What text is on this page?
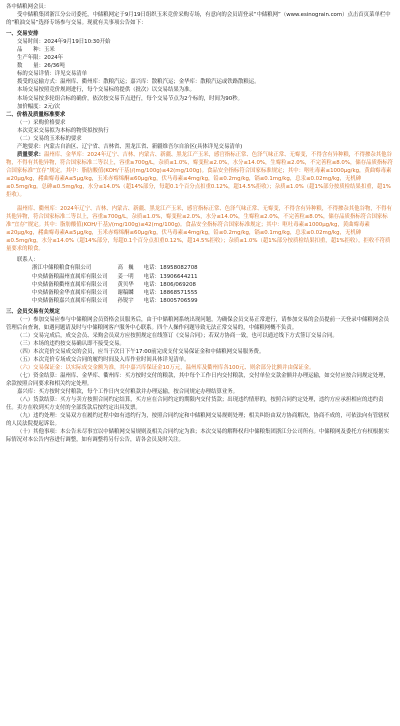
各中储粮网会员：

受中储粮集团浙江分公司委托，中储粮网定于9月19日组织玉米竞价采购专场，有意向的会员请登录“中储粮网”（www.esinograin.com）点击首页菜单栏中的“粮油交易”选择专场参与交易。现就有关事项公告如下：

一、交易安排

交易时间：2024年9月19日10:30开始

品　　种：玉米

生产年限：2024年

数　　量：26/36吨

标的交易详情：详见交易清单

拨受的运输方式：温州库、衢州库：散粮汽运；嘉兴库：散粮汽运；金华库：散粮汽运或铁路散粮运。

本场交易按照竞价规则进行，每个交易标的提供（批次）以交易结果为准。

本场交易按多轮组合标的确价，依次按交易节点进行，每个交易节点为2个标的，时间为90秒。

加价幅度：2元/次

二、价格及质量标准要求

（一）采购价格要求

本次竞采交易拟为本标的物资拟按执行

（二）交易的玉米标的要求

产地要求：内蒙古自治区、辽宁省、吉林省、黑龙江省、新疆维吾尔自治区(具体详见交易清单)

质量要求：温州库、金华库：2024年辽宁、吉林、内蒙古、新疆、黑龙江产玉米，感官指标正常、色泽气味正常、无霉变，不得含有异种粮，不得掺杂其他谷物，不得有其他异物，符合国家标准二等以上，容重≥700g/L，杂质≤1.0%，霉变粒≤2.0%，水分≤14.0%，生霉粒≤2.0%，不完善粒≤8.0%，储存品质指标符合国家标准“宜存”规定。其中：脂肪酸值(KOH/干基)/(mg/100g)≤42(mg/100g)。食品安全指标符合国家标准规定；其中：呕吐毒素≤1000μg/kg，黄曲霉毒素≤20μg/kg，赭曲霉毒素A≤5μg/kg，玉米赤霉烯酮≤60μg/kg，伏马毒素≤4mg/kg，铅≤0.2mg/kg，镉≤0.1mg/kg，总汞≤0.02mg/kg，无机砷≤0.5mg/kg。总砷≤0.5mg/kg，水分≤14.0%（超14%部分，每超0.1个百分点扣重0.12%，超14.5%拒收）；杂质≤1.0%（超1%部分按质检结果扣重，超1%拒收）。

温州库、衢州库：2024年辽宁、吉林、内蒙古、新疆、黑龙江产玉米，感官指标正常、色泽气味正常、无霉变，不得含有异种粮，不得掺杂其他谷物，不得有其他异物，符合国家标准二等以上，容重≥700g/L，杂质≤1.0%，霉变粒≤2.0%，水分≤14.0%，生霉粒≤2.0%，不完善粒≤8.0%，储存品质指标符合国家标准“宜存”规定。其中：脂肪酸值(KOH/干基)/(mg/100g)≤42(mg/100g)。食品安全指标符合国家标准规定；其中：呕吐毒素≤1000μg/kg，黄曲霉毒素≤20μg/kg，赭曲霉毒素A≤5μg/kg，玉米赤霉烯酮≤60μg/kg，伏马毒素≤4mg/kg，铅≤0.2mg/kg，镉≤0.1mg/kg，总汞≤0.02mg/kg，无机砷≤0.5mg/kg，水分≤14.0%（超14%部分，每超0.1个百分点扣重0.12%，超14.5%拒收）；杂质≤1.0%（超1%部分按质检结果扣重，超1%拒收），拒收不符质量要求的粮食。

联系人：

浙江中储粮粮食有限公司	高　巍	电话：18958082708
中央储备粮温州直属库有限公司	姜一明	电话：13906644211
中央储备粮衢州直属库有限公司	黄贝华	电话：1806/069208
中央储备粮金华直属库有限公司	谢稿麟	电话：18868571555
中央储备粮嘉兴直属库有限公司	孙锐宇	电话：18005706599

三、会员交易有关规定

（一）参加交易应参与中储粮网会员资格会员服务后，由于中储粮网系统出现问题，为确保会员交易正常进行，请参加交易的会员提前一天登录中储粮网会员管理后台查询，如遇问题请及时与中储粮网客户服务中心联系。四个人操作问题导致无法正常交易的，中储粮网概不负责。

（二）交易完成后，成交会员、采购会员双方应按照规定在线签订《交易合同》；若双方协商一致，也可以通过线下方式签订交易合同。

（三）本场的违约按交易确认即不接受交易。

（四）本次竞价交易成交的会员，应当于次日下午17:00前完成支付交易保证金和中储粮网交易服务费。

（五）本次竞价专场成交合同的履约时间及入库作业时间具体详见清单。

（六）交易保证金：以实际成交金额为准，其中嘉兴库保证金10万元，温州库及衢州库各100元、则余部分比额并由保证金。

（七）资金结算：温州库、金华库、衢州库：买方按时交付的粮款，其中每个工作日内交付粮款，交付单位交款金额并办理运输，如交付应按合同规定处理，余款按照合同要求和相关约定处理。

嘉兴库：买方按时交付粮款，每个工作日内交付粮款并办理运输，按合同规定办理结算业务。

（八）货款结算：买方与卖方按照合同约定结算，买方应在合同约定的期限内交付货款；出现违约情形的，按照合同约定处理，违约方应承担相应的违约责任。卖方在收到买方支付的全部货款后按约定出具发票。

（九）违约处理：交易双方在履约过程中如有违约行为，按照合同约定和中储粮网交易规则处理；相关纠纷由双方协商解决，协商不成的，可依法向有管辖权的人民法院提起诉讼。

（十）其他事项：本公告未尽事宜以中储粮网交易规则及相关合同约定为准；本次交易的解释权归中储粮集团浙江分公司所有。中储粮网及委托方有权根据实际情况对本公告内容进行调整，如有调整将另行公告，请各会员及时关注。
